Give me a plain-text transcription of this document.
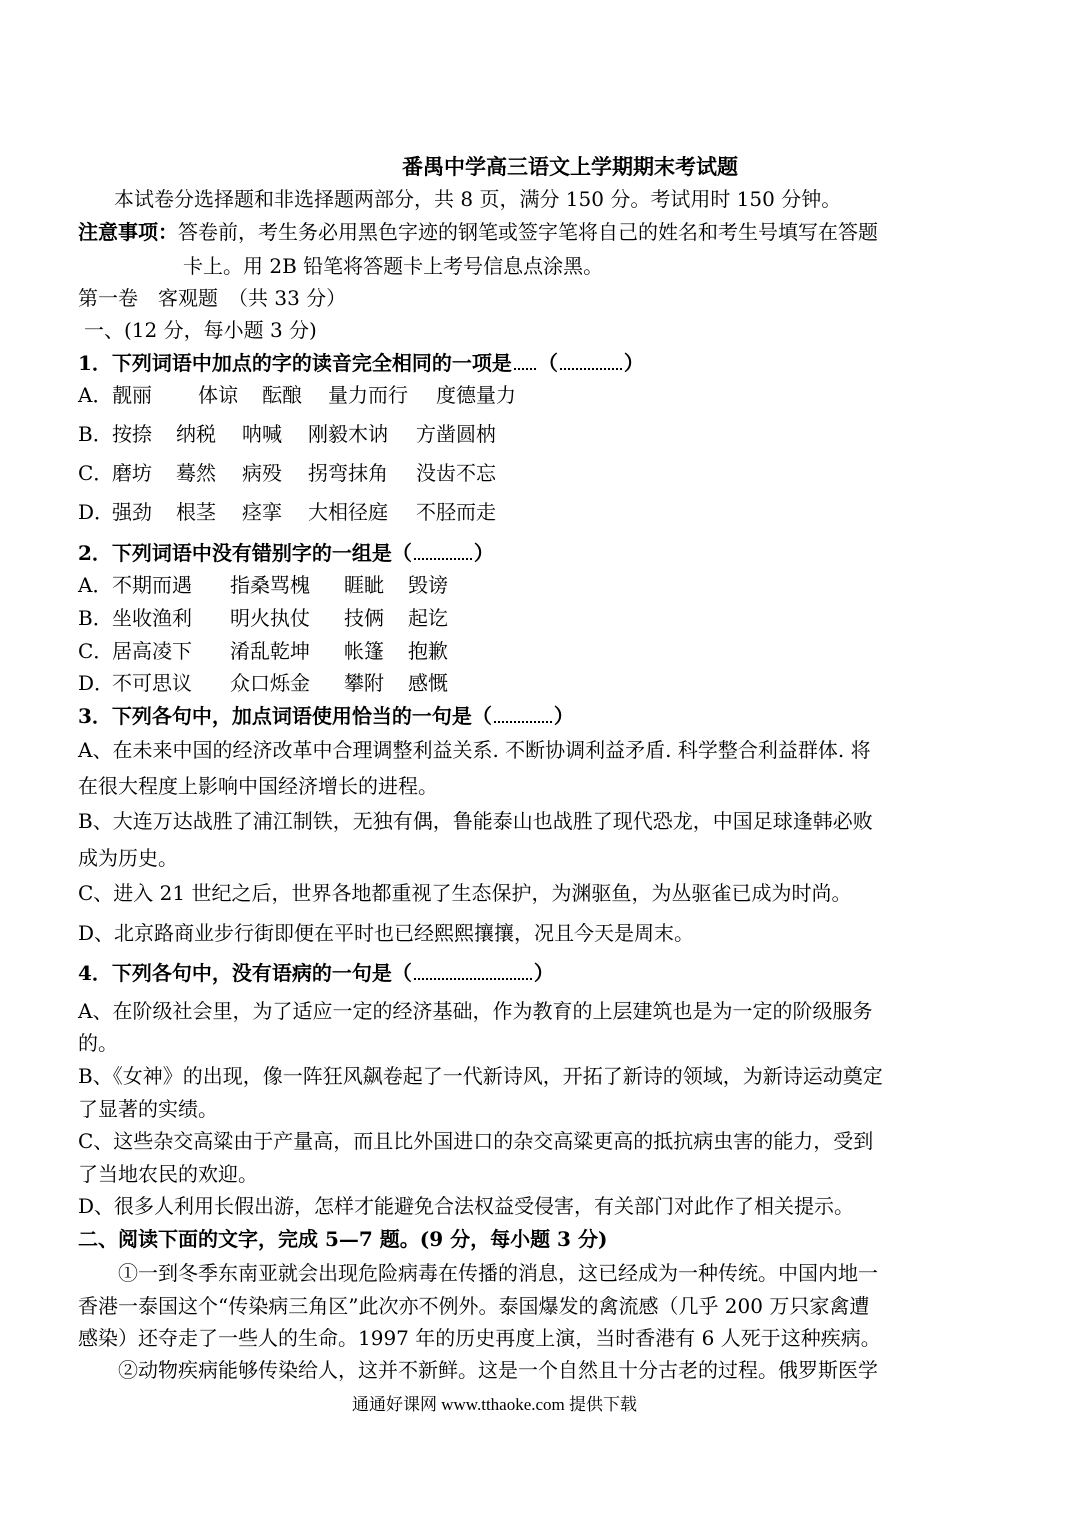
番禺中学高三语文上学期期末考试题
本试卷分选择题和非选择题两部分，共 8 页，满分 150 分。考试用时 150 分钟。
注意事项：答卷前，考生务必用黑色字迹的钢笔或签字笔将自己的姓名和考生号填写在答题
卡上。用 2B 铅笔将答题卡上考号信息点涂黑。
第一卷　客观题　（共 33 分）
一、(12 分，每小题 3 分)
1．下列词语中加点的字的读音完全相同的一项是 （	）
A．靓丽 体谅 酝酿 量力而行 度德量力
B．按捺 纳税 呐喊 刚毅木讷 方凿圆枘
C．磨坊 蓦然 病殁 拐弯抹角 没齿不忘
D．强劲 根茎 痉挛 大相径庭 不胫而走
2．下列词语中没有错别字的一组是（	）
A．不期而遇 指桑骂槐 睚眦 毁谤
B．坐收渔利 明火执仗 技俩 起讫
C．居高凌下 淆乱乾坤 帐篷 抱歉
D．不可思议 众口烁金 攀附 感慨
3．下列各句中，加点词语使用恰当的一句是（	）
A、在未来中国的经济改革中合理调整利益关系. 不断协调利益矛盾. 科学整合利益群体. 将
在很大程度上影响中国经济增长的进程。
B、大连万达战胜了浦江制铁，无独有偶，鲁能泰山也战胜了现代恐龙，中国足球逢韩必败
成为历史。
C、进入 21 世纪之后，世界各地都重视了生态保护，为渊驱鱼，为丛驱雀已成为时尚。
D、北京路商业步行街即便在平时也已经熙熙攘攘，况且今天是周末。
4．下列各句中，没有语病的一句是（	）
A、在阶级社会里，为了适应一定的经济基础，作为教育的上层建筑也是为一定的阶级服务
的。
B、《女神》的出现，像一阵狂风飙卷起了一代新诗风，开拓了新诗的领域，为新诗运动奠定
了显著的实绩。
C、这些杂交高粱由于产量高，而且比外国进口的杂交高粱更高的抵抗病虫害的能力，受到
了当地农民的欢迎。
D、很多人利用长假出游，怎样才能避免合法权益受侵害，有关部门对此作了相关提示。
二、阅读下面的文字，完成 5—7 题。(9 分，每小题 3 分)
①一到冬季东南亚就会出现危险病毒在传播的消息，这已经成为一种传统。中国内地一
香港一泰国这个“传染病三角区”此次亦不例外。泰国爆发的禽流感（几乎 200 万只家禽遭
感染）还夺走了一些人的生命。1997 年的历史再度上演，当时香港有 6 人死于这种疾病。
②动物疾病能够传染给人，这并不新鲜。这是一个自然且十分古老的过程。俄罗斯医学
通通好课网 www.tthaoke.com 提供下载
